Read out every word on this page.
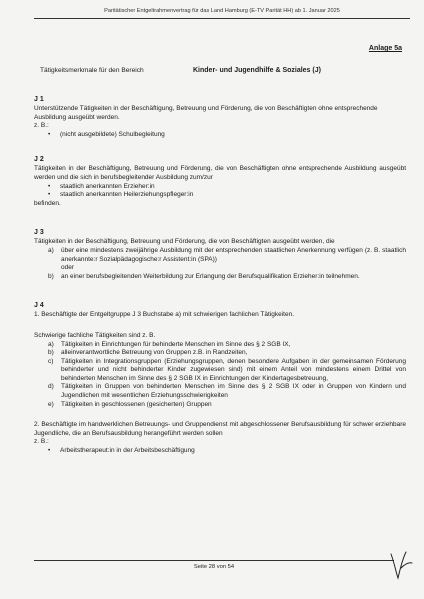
Paritätischer Entgeltrahmenvertrag für das Land Hamburg (E-TV Parität HH) ab 1. Januar 2025
Anlage 5a
Tätigkeitsmerkmale für den Bereich	Kinder- und Jugendhilfe & Soziales (J)
J 1

Unterstützende Tätigkeiten in der Beschäftigung, Betreuung und Förderung, die von Beschäftigten ohne entsprechende Ausbildung ausgeübt werden.

z. B.:

• (nicht ausgebildete) Schulbegleitung
J 2

Tätigkeiten in der Beschäftigung, Betreuung und Förderung, die von Beschäftigten ohne entsprechende Ausbildung ausgeübt werden und die sich in berufsbegleitender Ausbildung zum/zur

• staatlich anerkannten Erzieher:in
• staatlich anerkannten Heilerziehungspfleger:in

befinden.

J 3

Tätigkeiten in der Beschäftigung, Betreuung und Förderung, die von Beschäftigten ausgeübt werden, die

a) über eine mindestens zweijährige Ausbildung mit der entsprechenden staatlichen Anerkennung verfügen (z. B. staatlich anerkannte:r Sozialpädagogische:r Assistent:in (SPA))

oder

b) an einer berufsbegleitenden Weiterbildung zur Erlangung der Berufsqualifikation Erzieher:in teilnehmen.
J 4

1. Beschäftigte der Entgeltgruppe J 3 Buchstabe a) mit schwierigen fachlichen Tätigkeiten.

Schwierige fachliche Tätigkeiten sind z. B.

a) Tätigkeiten in Einrichtungen für behinderte Menschen im Sinne des § 2 SGB IX,
b) alleinverantwortliche Betreuung von Gruppen z.B. in Randzeiten,
c) Tätigkeiten in Integrationsgruppen (Erziehungsgruppen, denen besondere Aufgaben in der gemeinsamen Förderung behinderter und nicht behinderter Kinder zugewiesen sind) mit einem Anteil von mindestens einem Drittel von behinderten Menschen im Sinne des § 2 SGB IX in Einrichtungen der Kindertagesbetreuung,
d) Tätigkeiten in Gruppen von behinderten Menschen im Sinne des § 2 SGB IX oder in Gruppen von Kindern und Jugendlichen mit wesentlichen Erziehungsschwierigkeiten
e) Tätigkeiten in geschlossenen (gesicherten) Gruppen

2. Beschäftigte im handwerklichen Betreuungs- und Gruppendienst mit abgeschlossener Berufsausbildung für schwer erziehbare Jugendliche, die an Berufsausbildung herangeführt werden sollen

z. B.:

• Arbeitstherapeut:in in der Arbeitsbeschäftigung
Seite 28 von 54
